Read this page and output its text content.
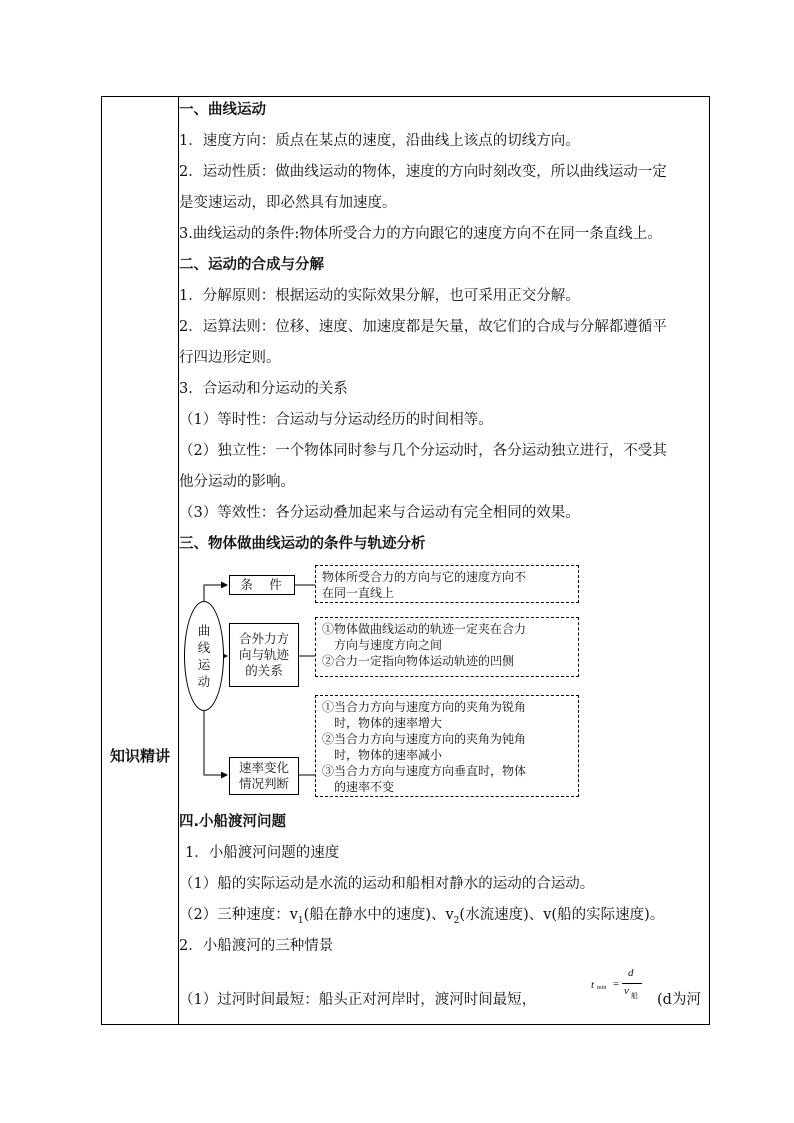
知识精讲
一、曲线运动
1．速度方向：质点在某点的速度，沿曲线上该点的切线方向。
2．运动性质：做曲线运动的物体，速度的方向时刻改变，所以曲线运动一定
是变速运动，即必然具有加速度。
3.曲线运动的条件:物体所受合力的方向跟它的速度方向不在同一条直线上。
二、运动的合成与分解
1．分解原则：根据运动的实际效果分解，也可采用正交分解。
2．运算法则：位移、速度、加速度都是矢量，故它们的合成与分解都遵循平
行四边形定则。
3．合运动和分运动的关系
（1）等时性：合运动与分运动经历的时间相等。
（2）独立性：一个物体同时参与几个分运动时，各分运动独立进行，不受其
他分运动的影响。
（3）等效性：各分运动叠加起来与合运动有完全相同的效果。
三、物体做曲线运动的条件与轨迹分析
曲线运动
条　件
合外力方
向与轨迹
的关系
速率变化
情况判断
物体所受合力的方向与它的速度方向不
在同一直线上
①物体做曲线运动的轨迹一定夹在合力
　方向与速度方向之间
②合力一定指向物体运动轨迹的凹侧
①当合力方向与速度方向的夹角为锐角
　时，物体的速率增大
②当合力方向与速度方向的夹角为钝角
　时，物体的速率减小
③当合力方向与速度方向垂直时，物体
　的速率不变
四.小船渡河问题
1．小船渡河问题的速度
（1）船的实际运动是水流的运动和船相对静水的运动的合运动。
（2）三种速度：$v_1$(船在静水中的速度)、$v_2$(水流速度)、v(船的实际速度)。
2．小船渡河的三种情景
（1）过河时间最短：船头正对河岸时，渡河时间最短，
t min =
d
v 船 (d为河
